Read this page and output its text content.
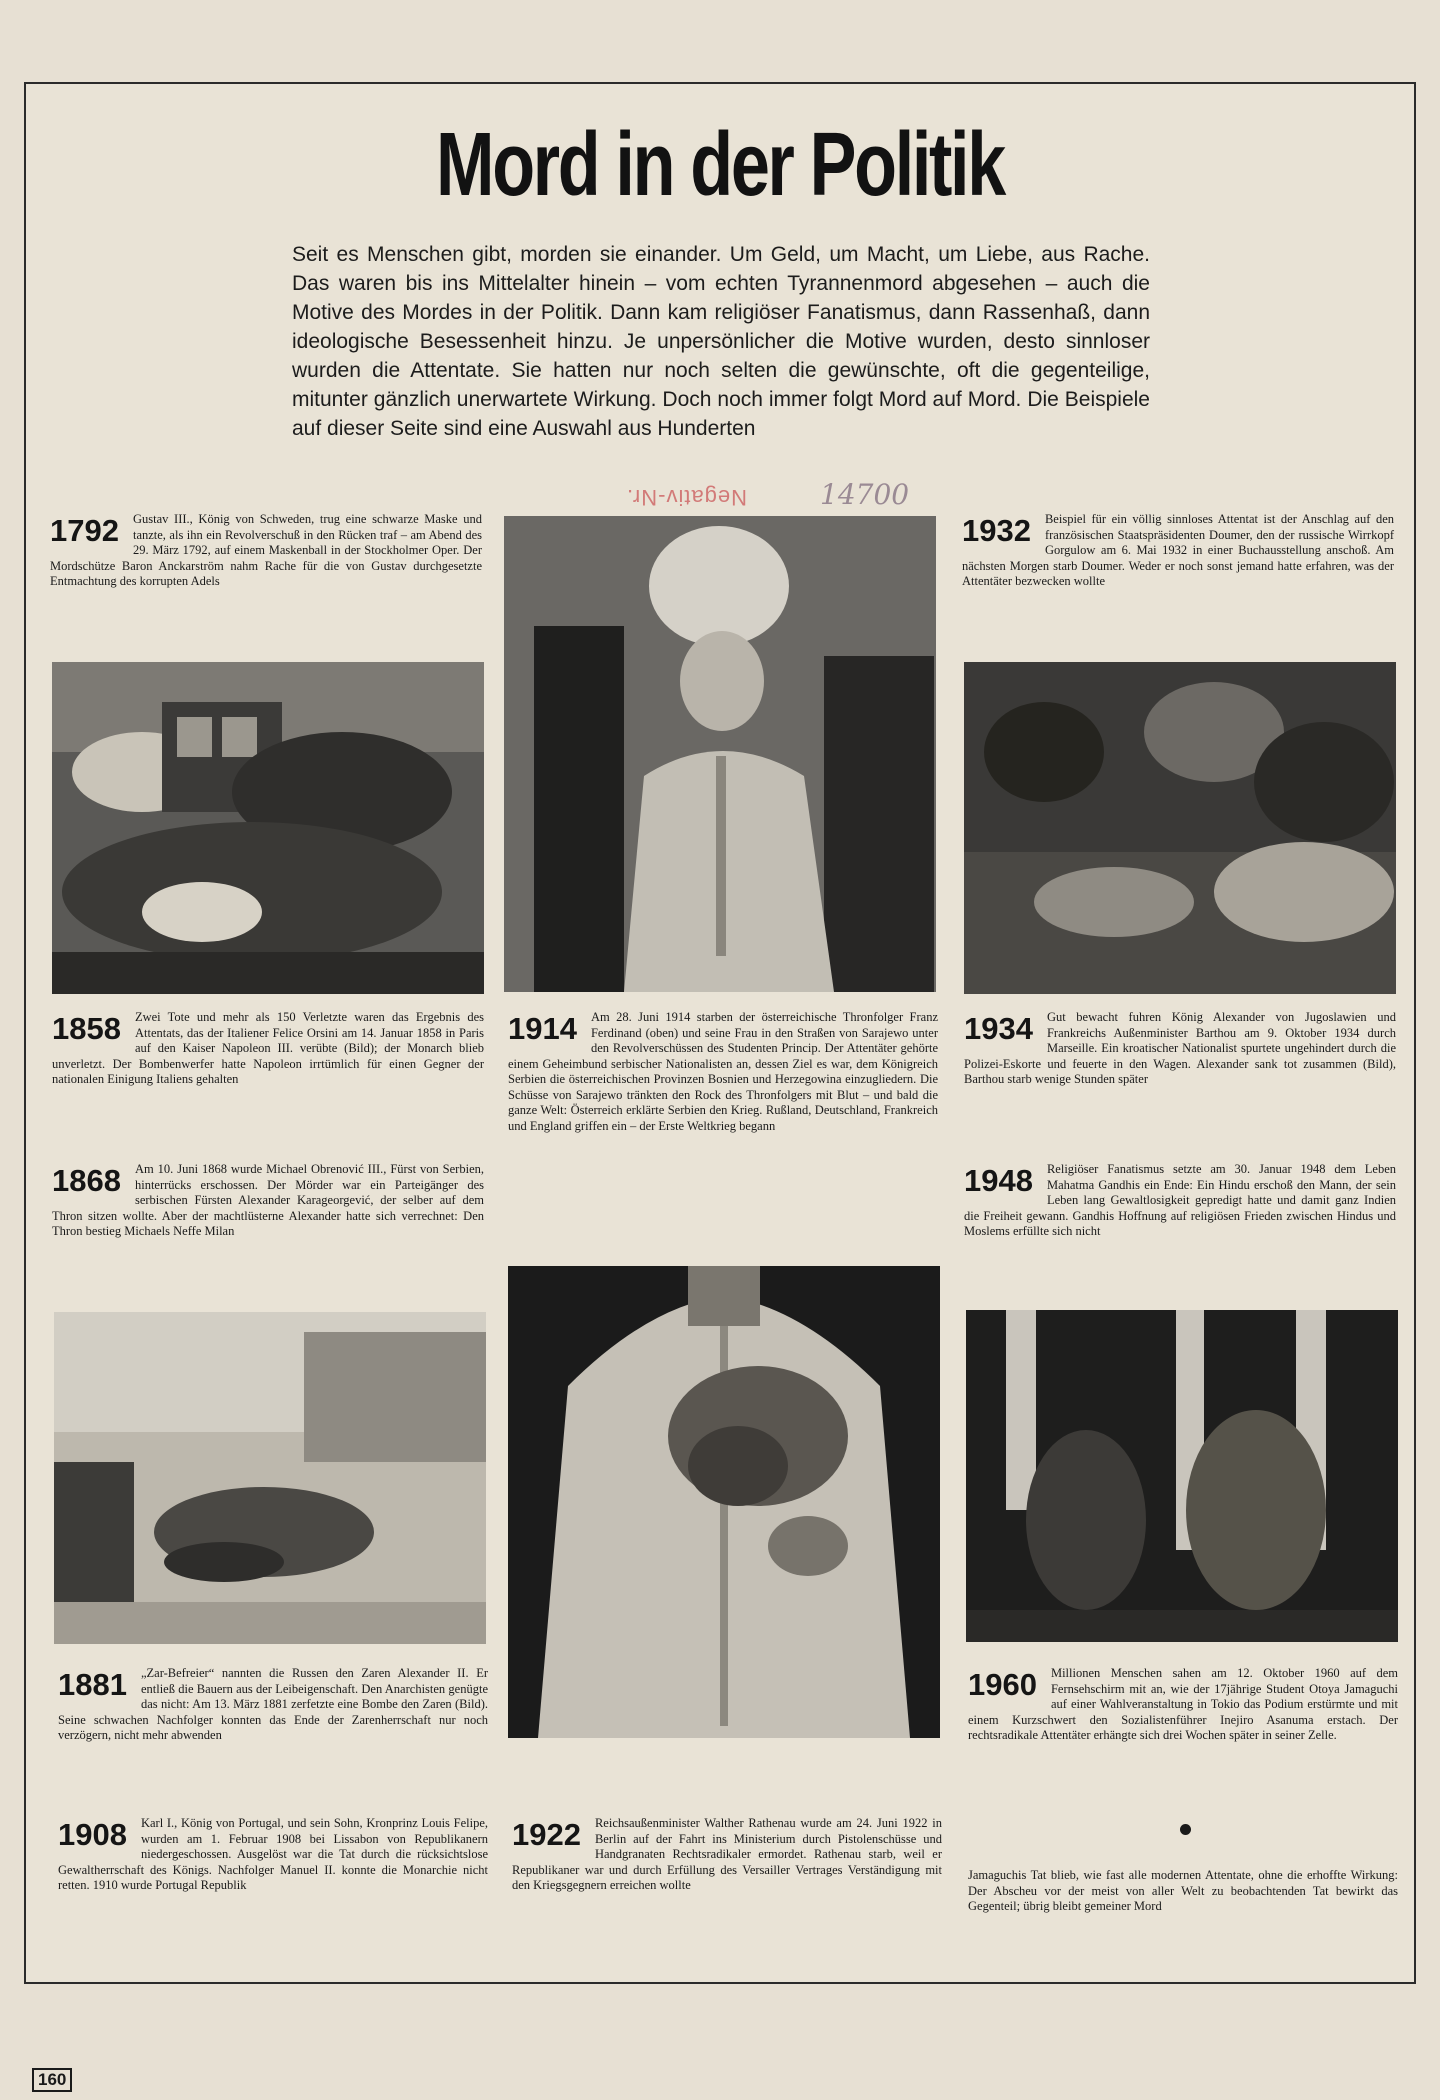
Mord in der Politik

Seit es Menschen gibt, morden sie einander. Um Geld, um Macht, um Liebe, aus Rache. Das waren bis ins Mittelalter hinein – vom echten Tyrannenmord abgesehen – auch die Motive des Mordes in der Politik. Dann kam religiöser Fanatismus, dann Rassenhaß, dann ideologische Besessenheit hinzu. Je unpersönlicher die Motive wurden, desto sinnloser wurden die Attentate. Sie hatten nur noch selten die gewünschte, oft die gegenteilige, mitunter gänzlich unerwartete Wirkung. Doch noch immer folgt Mord auf Mord. Die Beispiele auf dieser Seite sind eine Auswahl aus Hunderten

Negativ-Nr.	14700
1792	Gustav III., König von Schweden, trug eine schwarze Maske und tanzte, als ihn ein Revolverschuß in den Rücken traf – am Abend des 29. März 1792, auf einem Maskenball in der Stockholmer Oper. Der Mordschütze Baron Anckarström nahm Rache für die von Gustav durchgesetzte Entmachtung des korrupten Adels

1858	Zwei Tote und mehr als 150 Verletzte waren das Ergebnis des Attentats, das der Italiener Felice Orsini am 14. Januar 1858 in Paris auf den Kaiser Napoleon III. verübte (Bild); der Monarch blieb unverletzt. Der Bombenwerfer hatte Napoleon irrtümlich für einen Gegner der nationalen Einigung Italiens gehalten

1868	Am 10. Juni 1868 wurde Michael Obrenović III., Fürst von Serbien, hinterrücks erschossen. Der Mörder war ein Parteigänger des serbischen Fürsten Alexander Karageorgević, der selber auf dem Thron sitzen wollte. Aber der machtlüsterne Alexander hatte sich verrechnet: Den Thron bestieg Michaels Neffe Milan

1881	„Zar-Befreier“ nannten die Russen den Zaren Alexander II. Er entließ die Bauern aus der Leibeigenschaft. Den Anarchisten genügte das nicht: Am 13. März 1881 zerfetzte eine Bombe den Zaren (Bild). Seine schwachen Nachfolger konnten das Ende der Zarenherrschaft nur noch verzögern, nicht mehr abwenden

1908	Karl I., König von Portugal, und sein Sohn, Kronprinz Louis Felipe, wurden am 1. Februar 1908 bei Lissabon von Republikanern niedergeschossen. Ausgelöst war die Tat durch die rücksichtslose Gewaltherrschaft des Königs. Nachfolger Manuel II. konnte die Monarchie nicht retten. 1910 wurde Portugal Republik

1914	Am 28. Juni 1914 starben der österreichische Thronfolger Franz Ferdinand (oben) und seine Frau in den Straßen von Sarajewo unter den Revolverschüssen des Studenten Princip. Der Attentäter gehörte einem Geheimbund serbischer Nationalisten an, dessen Ziel es war, dem Königreich Serbien die österreichischen Provinzen Bosnien und Herzegowina einzugliedern. Die Schüsse von Sarajewo tränkten den Rock des Thronfolgers mit Blut – und bald die ganze Welt: Österreich erklärte Serbien den Krieg. Rußland, Deutschland, Frankreich und England griffen ein – der Erste Weltkrieg begann

1922	Reichsaußenminister Walther Rathenau wurde am 24. Juni 1922 in Berlin auf der Fahrt ins Ministerium durch Pistolenschüsse und Handgranaten Rechtsradikaler ermordet. Rathenau starb, weil er Republikaner war und durch Erfüllung des Versailler Vertrages Verständigung mit den Kriegsgegnern erreichen wollte

1932	Beispiel für ein völlig sinnloses Attentat ist der Anschlag auf den französischen Staatspräsidenten Doumer, den der russische Wirrkopf Gorgulow am 6. Mai 1932 in einer Buchausstellung anschoß. Am nächsten Morgen starb Doumer. Weder er noch sonst jemand hatte erfahren, was der Attentäter bezwecken wollte

1934	Gut bewacht fuhren König Alexander von Jugoslawien und Frankreichs Außenminister Barthou am 9. Oktober 1934 durch Marseille. Ein kroatischer Nationalist spurtete ungehindert durch die Polizei-Eskorte und feuerte in den Wagen. Alexander sank tot zusammen (Bild), Barthou starb wenige Stunden später

1948	Religiöser Fanatismus setzte am 30. Januar 1948 dem Leben Mahatma Gandhis ein Ende: Ein Hindu erschoß den Mann, der sein Leben lang Gewaltlosigkeit gepredigt hatte und damit ganz Indien die Freiheit gewann. Gandhis Hoffnung auf religiösen Frieden zwischen Hindus und Moslems erfüllte sich nicht

1960	Millionen Menschen sahen am 12. Oktober 1960 auf dem Fernsehschirm mit an, wie der 17jährige Student Otoya Jamaguchi auf einer Wahlveranstaltung in Tokio das Podium erstürmte und mit einem Kurzschwert den Sozialistenführer Inejiro Asanuma erstach. Der rechtsradikale Attentäter erhängte sich drei Wochen später in seiner Zelle.

Jamaguchis Tat blieb, wie fast alle modernen Attentate, ohne die erhoffte Wirkung: Der Abscheu vor der meist von aller Welt zu beobachtenden Tat bewirkt das Gegenteil; übrig bleibt gemeiner Mord

160
